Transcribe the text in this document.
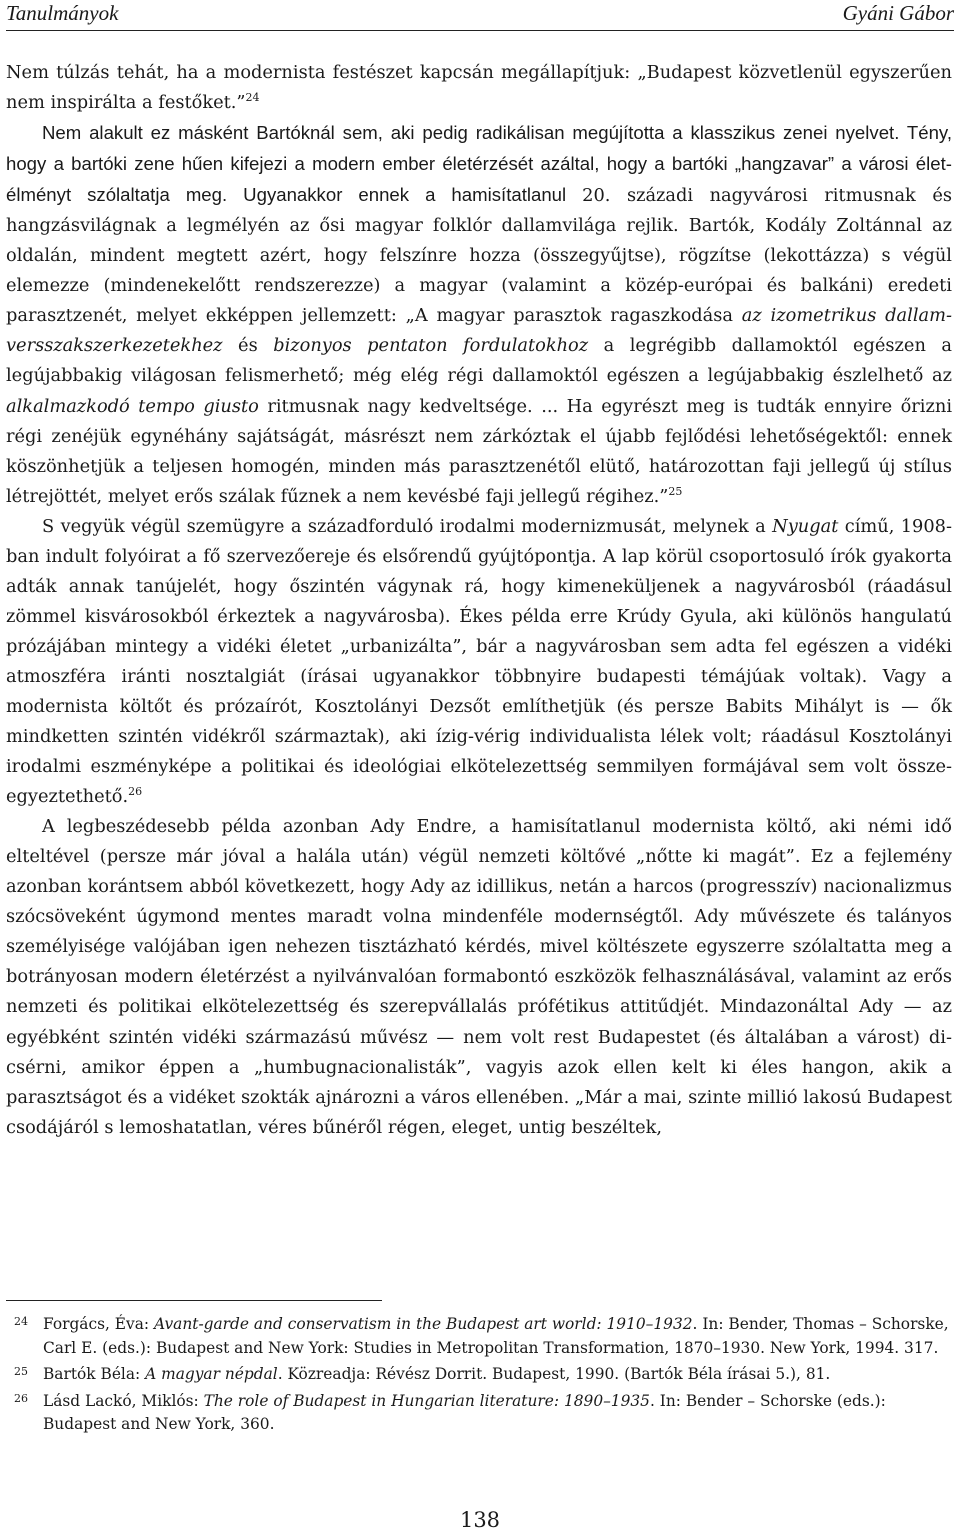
Tanulmányok	Gyáni Gábor

Nem túlzás tehát, ha a modernista festészet kapcsán megállapítjuk: „Budapest közvetlenül egyszerűen nem inspirálta a festőket.”$^{24}$

Nem alakult ez másként Bartóknál sem, aki pedig radikálisan megújította a klasszikus zenei nyelvet. Tény, hogy a bartóki zene hűen kifejezi a modern ember életérzését azáltal, hogy a bartóki „hangzavar” a városi életélményt szólaltatja meg. Ugyanakkor ennek a hamisítatlanul 20. századi nagyvárosi ritmusnak és hangzásvilágnak a legmélyén az ősi magyar folklór dallamvilága rejlik. Bartók, Kodály Zoltánnal az oldalán, mindent megtett azért, hogy felszínre hozza (összegyűjtse), rögzítse (lekottázza) s végül elemezze (mindenekelőtt rendszerezze) a magyar (valamint a közép-európai és balkáni) eredeti parasztzenét, melyet ekképpen jellemzett: „A magyar parasztok ragaszkodása az izometrikus dallamversszakszerkezetekhez és bizonyos pentaton fordulatokhoz a legrégibb dallamoktól egészen a legújabbakig világosan felismerhető; még elég régi dallamoktól egészen a legújabbakig észlelhető az alkalmazkodó tempo giusto ritmusnak nagy kedveltsége. ... Ha egyrészt meg is tudták ennyire őrizni régi zenéjük egynéhány sajátságát, másrészt nem zárkóztak el újabb fejlődési lehetőségektől: ennek köszönhetjük a teljesen homogén, minden más parasztzenétől elütő, határozottan faji jellegű új stílus létrejöttét, melyet erős szálak fűznek a nem kevésbé faji jellegű régihez.”$^{25}$

S vegyük végül szemügyre a századforduló irodalmi modernizmusát, melynek a Nyugat című, 1908-ban indult folyóirat a fő szervezőereje és elsőrendű gyújtópontja. A lap körül csoportosuló írók gyakorta adták annak tanújelét, hogy őszintén vágynak rá, hogy kimeneküljenek a nagyvárosból (ráadásul zömmel kisvárosokból érkeztek a nagyvárosba). Ékes példa erre Krúdy Gyula, aki különös hangulatú prózájában mintegy a vidéki életet „urbanizálta”, bár a nagyvárosban sem adta fel egészen a vidéki atmoszféra iránti nosztalgiát (írásai ugyanakkor többnyire budapesti témájúak voltak). Vagy a modernista költőt és prózaírót, Kosztolányi Dezsőt említhetjük (és persze Babits Mihályt is — ők mindketten szintén vidékről származtak), aki ízig-vérig individualista lélek volt; ráadásul Kosztolányi irodalmi eszményképe a politikai és ideológiai elkötelezettség semmilyen formájával sem volt összeegyeztethető.$^{26}$

A legbeszédesebb példa azonban Ady Endre, a hamisítatlanul modernista költő, aki némi idő elteltével (persze már jóval a halála után) végül nemzeti költővé „nőtte ki magát”. Ez a fejlemény azonban korántsem abból következett, hogy Ady az idillikus, netán a harcos (progresszív) nacionalizmus szócsöveként úgymond mentes maradt volna mindenféle modernségtől. Ady művészete és talányos személyisége valójában igen nehezen tisztázható kérdés, mivel költészete egyszerre szólaltatta meg a botrányosan modern életérzést a nyilvánvalóan formabontó eszközök felhasználásával, valamint az erős nemzeti és politikai elkötelezettség és szerepvállalás prófétikus attitűdjét. Mindazonáltal Ady — az egyébként szintén vidéki származású művész — nem volt rest Budapestet (és általában a várost) dicsérni, amikor éppen a „humbugnacionalisták”, vagyis azok ellen kelt ki éles hangon, akik a parasztságot és a vidéket szokták ajnározni a város ellenében. „Már a mai, szinte millió lakosú Budapest csodájáról s lemoshatatlan, véres bűnéről régen, eleget, untig beszéltek,

24 Forgács, Éva: Avant-garde and conservatism in the Budapest art world: 1910–1932. In: Bender, Thomas – Schorske, Carl E. (eds.): Budapest and New York: Studies in Metropolitan Transformation, 1870–1930. New York, 1994. 317.
25 Bartók Béla: A magyar népdal. Közreadja: Révész Dorrit. Budapest, 1990. (Bartók Béla írásai 5.), 81.
26 Lásd Lackó, Miklós: The role of Budapest in Hungarian literature: 1890–1935. In: Bender – Schorske (eds.): Budapest and New York, 360.
138
